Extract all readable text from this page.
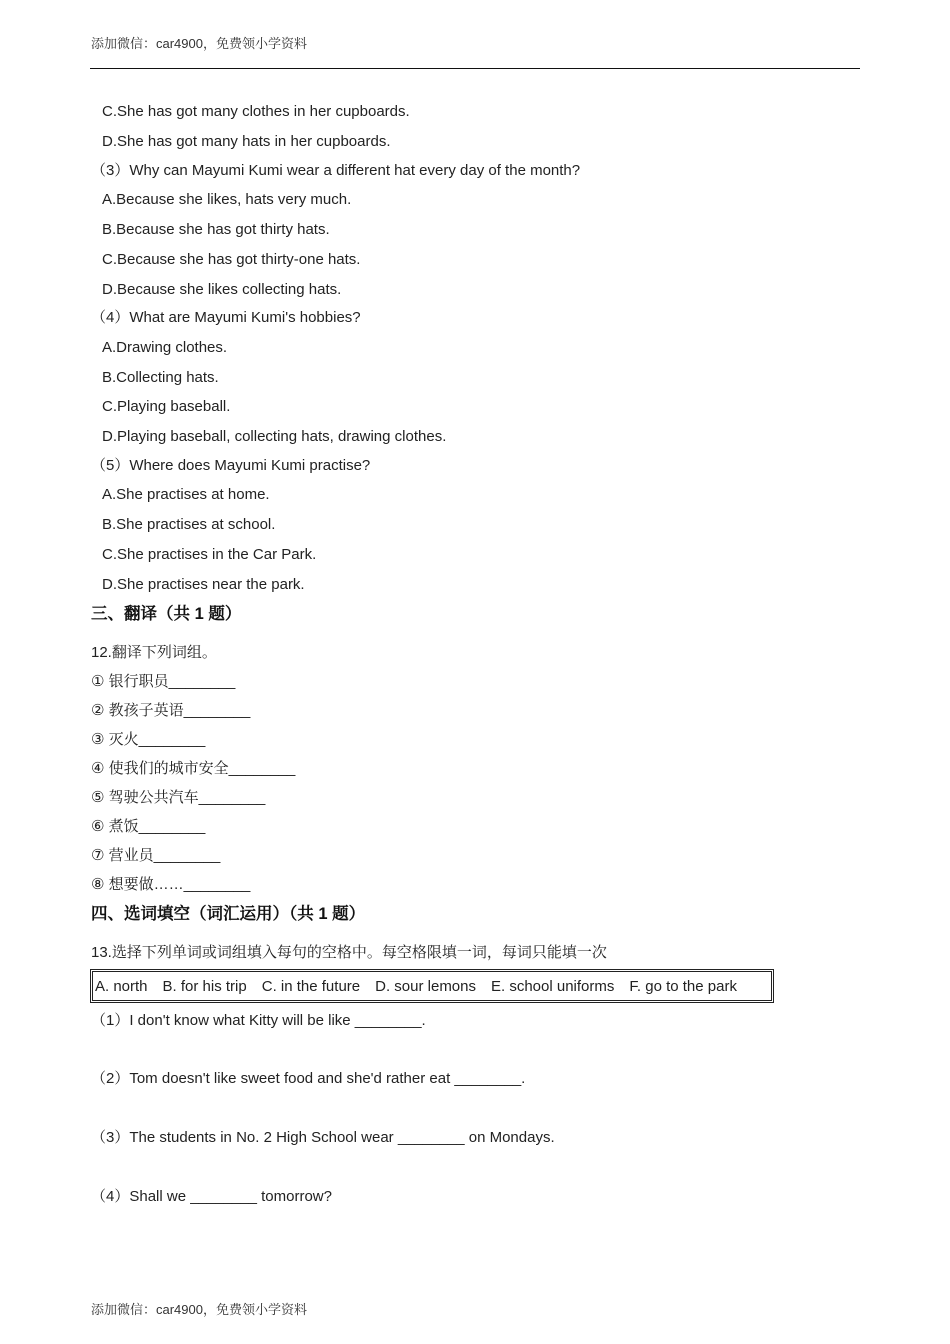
添加微信：car4900，免费领小学资料
C.She has got many clothes in her cupboards.
D.She has got many hats in her cupboards.
（3）Why can Mayumi Kumi wear a different hat every day of the month?
A.Because she likes, hats very much.
B.Because she has got thirty hats.
C.Because she has got thirty-one hats.
D.Because she likes collecting hats.
（4）What are Mayumi Kumi's hobbies?
A.Drawing clothes.
B.Collecting hats.
C.Playing baseball.
D.Playing baseball, collecting hats, drawing clothes.
（5）Where does Mayumi Kumi practise?
A.She practises at home.
B.She practises at school.
C.She practises in the Car Park.
D.She practises near the park.
三、翻译（共 1 题）
12.翻译下列词组。
① 银行职员________
② 教孩子英语________
③ 灭火________
④ 使我们的城市安全________
⑤ 驾驶公共汽车________
⑥ 煮饭________
⑦ 营业员________
⑧ 想要做……________
四、选词填空（词汇运用）（共 1 题）
13.选择下列单词或词组填入每句的空格中。每空格限填一词，每词只能填一次
A. north B. for his trip C. in the future D. sour lemons E. school uniforms F. go to the park
（1）I don't know what Kitty will be like ________.
（2）Tom doesn't like sweet food and she'd rather eat ________.
（3）The students in No. 2 High School wear ________ on Mondays.
（4）Shall we ________ tomorrow?
添加微信：car4900，免费领小学资料
